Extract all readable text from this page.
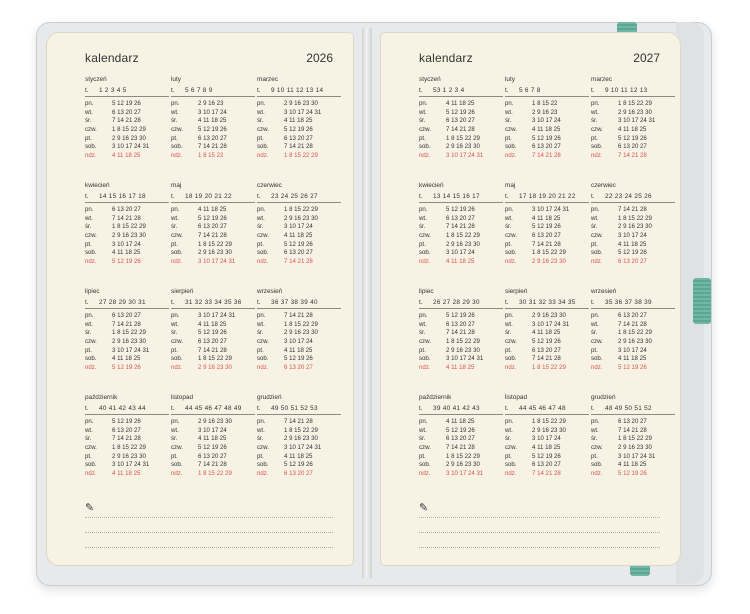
kalendarz	2026
✎
styczeń
t. 1 2 3 4 5
pn.	5 12 19 26
wt.	6 13 20 27
śr.	7 14 21 28
czw. 1 8 15 22 29
pt.	2 9 16 23 30
sob.	3 10 17 24 31
ndz.	4 11 18 25
luty
t. 5 6 7 8 9
pn.	2 9 16 23
wt.	3 10 17 24
śr.	4 11 18 25
czw. 5 12 19 26
pt.	6 13 20 27
sob.	7 14 21 28
ndz.	1 8 15 22
marzec
t. 9 10 11 12 13 14
pn.	2 9 16 23 30
wt.	3 10 17 24 31
śr.	4 11 18 25
czw. 5 12 19 26
pt.	6 13 20 27
sob.	7 14 21 28
ndz.	1 8 15 22 29
kwiecień
t. 14 15 16 17 18
pn.	6 13 20 27
wt.	7 14 21 28
śr.	1 8 15 22 29
czw. 2 9 16 23 30
pt.	3 10 17 24
sob.	4 11 18 25
ndz.	5 12 19 26
maj
t. 18 19 20 21 22
pn.	4 11 18 25
wt.	5 12 19 26
śr.	6 13 20 27
czw. 7 14 21 28
pt.	1 8 15 22 29
sob.	2 9 16 23 30
ndz.	3 10 17 24 31
czerwiec
t. 23 24 25 26 27
pn.	1 8 15 22 29
wt.	2 9 16 23 30
śr.	3 10 17 24
czw. 4 11 18 25
pt.	5 12 19 26
sob.	6 13 20 27
ndz.	7 14 21 28
lipiec
t. 27 28 29 30 31
pn.	6 13 20 27
wt.	7 14 21 28
śr.	1 8 15 22 29
czw. 2 9 16 23 30
pt.	3 10 17 24 31
sob.	4 11 18 25
ndz.	5 12 19 26
sierpień
t. 31 32 33 34 35 36
pn.	3 10 17 24 31
wt.	4 11 18 25
śr.	5 12 19 26
czw. 6 13 20 27
pt.	7 14 21 28
sob.	1 8 15 22 29
ndz.	2 9 16 23 30
wrzesień
t. 36 37 38 39 40
pn.	7 14 21 28
wt.	1 8 15 22 29
śr.	2 9 16 23 30
czw. 3 10 17 24
pt.	4 11 18 25
sob.	5 12 19 26
ndz.	6 13 20 27
październik
t. 40 41 42 43 44
pn.	5 12 19 26
wt.	6 13 20 27
śr.	7 14 21 28
czw. 1 8 15 22 29
pt.	2 9 16 23 30
sob.	3 10 17 24 31
ndz.	4 11 18 25
listopad
t. 44 45 46 47 48 49
pn.	2 9 16 23 30
wt.	3 10 17 24
śr.	4 11 18 25
czw. 5 12 19 26
pt.	6 13 20 27
sob.	7 14 21 28
ndz.	1 8 15 22 29
grudzień
t. 49 50 51 52 53
pn.	7 14 21 28
wt.	1 8 15 22 29
śr.	2 9 16 23 30
czw. 3 10 17 24 31
pt.	4 11 18 25
sob.	5 12 19 26
ndz.	6 13 20 27
kalendarz	2027
✎
styczeń
t. 53 1 2 3 4
pn.	4 11 18 25
wt.	5 12 19 26
śr.	6 13 20 27
czw. 7 14 21 28
pt.	1 8 15 22 29
sob.	2 9 16 23 30
ndz.	3 10 17 24 31
luty
t. 5 6 7 8
pn.	1 8 15 22
wt.	2 9 16 23
śr.	3 10 17 24
czw. 4 11 18 25
pt.	5 12 19 26
sob.	6 13 20 27
ndz.	7 14 21 28
marzec
t. 9 10 11 12 13
pn.	1 8 15 22 29
wt.	2 9 16 23 30
śr.	3 10 17 24 31
czw. 4 11 18 25
pt.	5 12 19 26
sob.	6 13 20 27
ndz.	7 14 21 28
kwiecień
t. 13 14 15 16 17
pn.	5 12 19 26
wt.	6 13 20 27
śr.	7 14 21 28
czw. 1 8 15 22 29
pt.	2 9 16 23 30
sob.	3 10 17 24
ndz.	4 11 18 25
maj
t. 17 18 19 20 21 22
pn.	3 10 17 24 31
wt.	4 11 18 25
śr.	5 12 19 26
czw. 6 13 20 27
pt.	7 14 21 28
sob.	1 8 15 22 29
ndz.	2 9 16 23 30
czerwiec
t. 22 23 24 25 26
pn.	7 14 21 28
wt.	1 8 15 22 29
śr.	2 9 16 23 30
czw. 3 10 17 24
pt.	4 11 18 25
sob.	5 12 19 26
ndz.	6 13 20 27
lipiec
t. 26 27 28 29 30
pn.	5 12 19 26
wt.	6 13 20 27
śr.	7 14 21 28
czw. 1 8 15 22 29
pt.	2 9 16 23 30
sob.	3 10 17 24 31
ndz.	4 11 18 25
sierpień
t. 30 31 32 33 34 35
pn.	2 9 16 23 30
wt.	3 10 17 24 31
śr.	4 11 18 25
czw. 5 12 19 26
pt.	6 13 20 27
sob.	7 14 21 28
ndz.	1 8 15 22 29
wrzesień
t. 35 36 37 38 39
pn.	6 13 20 27
wt.	7 14 21 28
śr.	1 8 15 22 29
czw. 2 9 16 23 30
pt.	3 10 17 24
sob.	4 11 18 25
ndz.	5 12 19 26
październik
t. 39 40 41 42 43
pn.	4 11 18 25
wt.	5 12 19 26
śr.	6 13 20 27
czw. 7 14 21 28
pt.	1 8 15 22 29
sob.	2 9 16 23 30
ndz.	3 10 17 24 31
listopad
t. 44 45 46 47 48
pn.	1 8 15 22 29
wt.	2 9 16 23 30
śr.	3 10 17 24
czw. 4 11 18 25
pt.	5 12 19 26
sob.	6 13 20 27
ndz.	7 14 21 28
grudzień
t. 48 49 50 51 52
pn.	6 13 20 27
wt.	7 14 21 28
śr.	1 8 15 22 29
czw. 2 9 16 23 30
pt.	3 10 17 24 31
sob.	4 11 18 25
ndz.	5 12 19 26
